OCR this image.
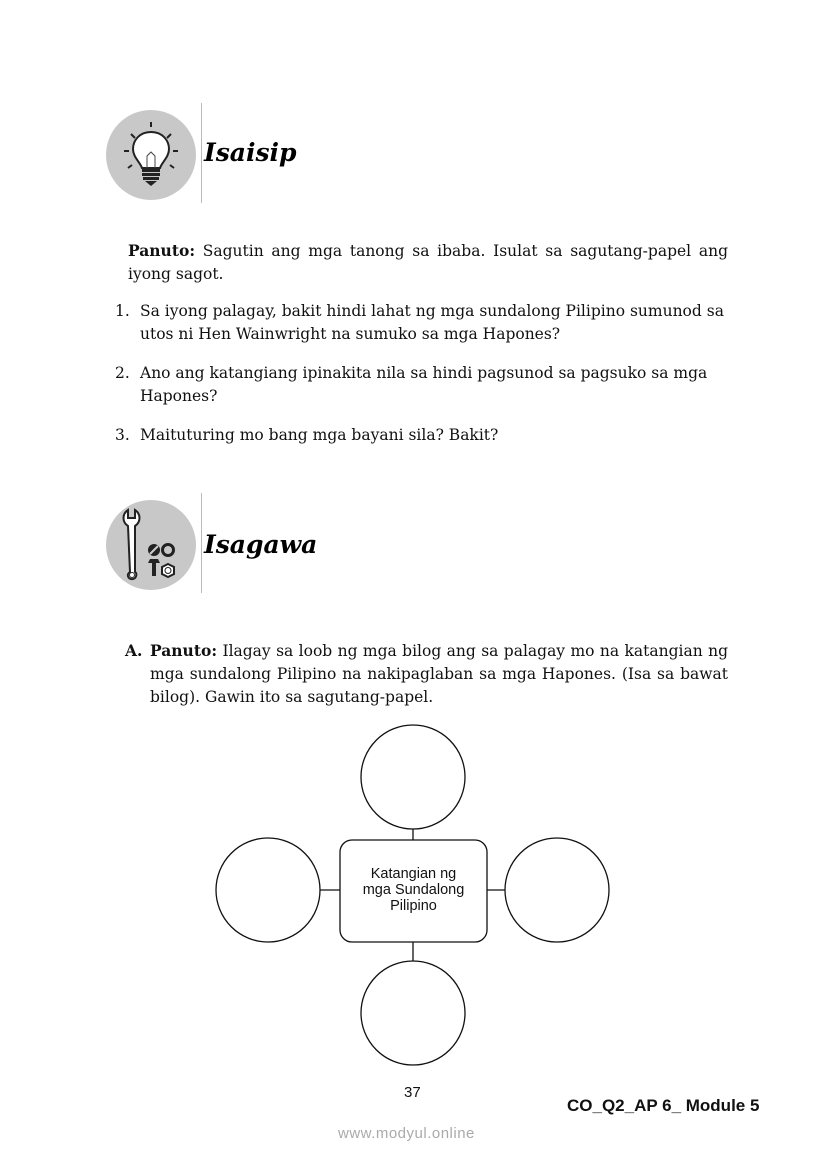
Isaisip
Panuto: Sagutin ang mga tanong sa ibaba. Isulat sa sagutang-papel ang iyong sagot.
1. Sa iyong palagay, bakit hindi lahat ng mga sundalong Pilipino sumunod sa utos ni Hen Wainwright na sumuko sa mga Hapones?
2. Ano ang katangiang ipinakita nila sa hindi pagsunod sa pagsuko sa mga Hapones?
3. Maituturing mo bang mga bayani sila? Bakit?
Isagawa
A. Panuto: Ilagay sa loob ng mga bilog ang sa palagay mo na katangian ng mga sundalong Pilipino na nakipaglaban sa mga Hapones. (Isa sa bawat bilog). Gawin ito sa sagutang-papel.
Katangian ng
mga Sundalong
Pilipino
37
CO_Q2_AP 6_ Module 5
www.modyul.online
